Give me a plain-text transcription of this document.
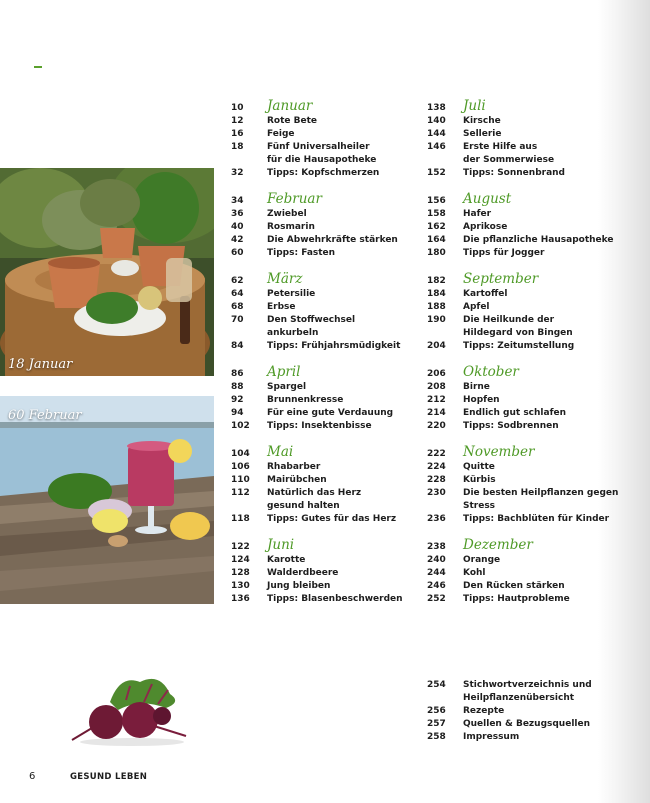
18 Januar
60 Februar
10	Januar
12	Rote Bete
16	Feige
18	Fünf Universalheiler
für die Hausapotheke
32	Tipps: Kopfschmerzen
34	Februar
36	Zwiebel
40	Rosmarin
42	Die Abwehrkräfte stärken
60	Tipps: Fasten
62	März
64	Petersilie
68	Erbse
70	Den Stoffwechsel
ankurbeln
84	Tipps: Frühjahrsmüdigkeit
86	April
88	Spargel
92	Brunnenkresse
94	Für eine gute Verdauung
102	Tipps: Insektenbisse
104	Mai
106	Rhabarber
110	Mairübchen
112	Natürlich das Herz
gesund halten
118	Tipps: Gutes für das Herz
122	Juni
124	Karotte
128	Walderdbeere
130	Jung bleiben
136	Tipps: Blasenbeschwerden
138	Juli
140	Kirsche
144	Sellerie
146	Erste Hilfe aus
der Sommerwiese
152	Tipps: Sonnenbrand
156	August
158	Hafer
162	Aprikose
164	Die pflanzliche Hausapotheke
180	Tipps für Jogger
182	September
184	Kartoffel
188	Apfel
190	Die Heilkunde der
Hildegard von Bingen
204	Tipps: Zeitumstellung
206	Oktober
208	Birne
212	Hopfen
214	Endlich gut schlafen
220	Tipps: Sodbrennen
222	November
224	Quitte
228	Kürbis
230	Die besten Heilpflanzen gegen
Stress
236	Tipps: Bachblüten für Kinder
238	Dezember
240	Orange
244	Kohl
246	Den Rücken stärken
252	Tipps: Hautprobleme
254	Stichwortverzeichnis und
Heilpflanzenübersicht
256	Rezepte
257	Quellen & Bezugsquellen
258	Impressum
6	GESUND LEBEN
